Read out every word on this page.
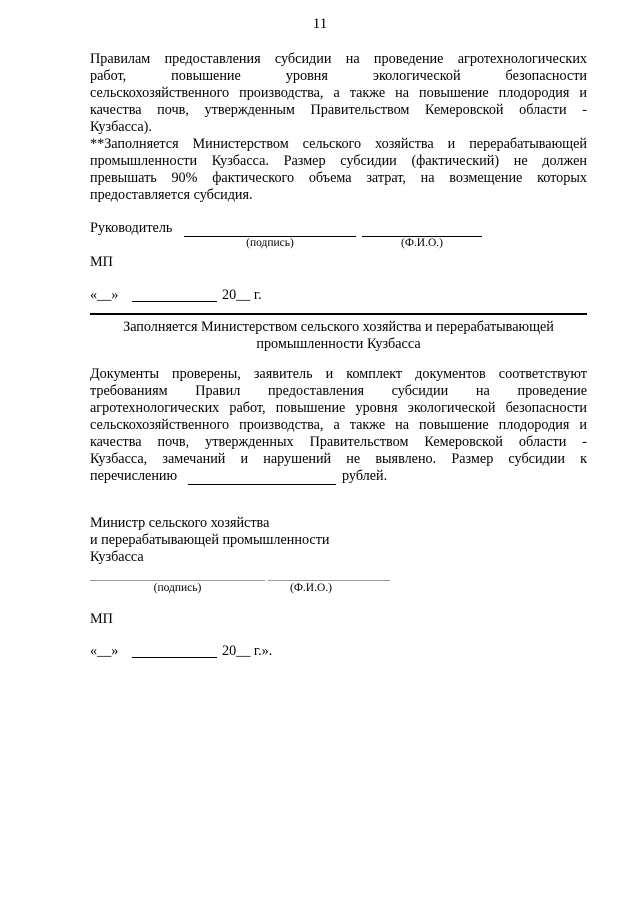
11
Правилам предоставления субсидии на проведение агротехнологических
работ, повышение уровня экологической безопасности
сельскохозяйственного производства, а также на повышение плодородия и
качества почв, утвержденным Правительством Кемеровской области -
Кузбасса).
**Заполняется Министерством сельского хозяйства и перерабатывающей
промышленности Кузбасса. Размер субсидии (фактический) не должен
превышать 90% фактического объема затрат, на возмещение которых
предоставляется субсидия.
Руководитель
(подпись)	(Ф.И.О.)
МП
«__»	20__ г.
Заполняется Министерством сельского хозяйства и перерабатывающей
промышленности Кузбасса
Документы проверены, заявитель и комплект документов соответствуют
требованиям Правил предоставления субсидии на проведение
агротехнологических работ, повышение уровня экологической безопасности
сельскохозяйственного производства, а также на повышение плодородия и
качества почв, утвержденных Правительством Кемеровской области -
Кузбасса, замечаний и нарушений не выявлено. Размер субсидии к
перечислению	рублей.
Министр сельского хозяйства
и перерабатывающей промышленности
Кузбасса
(подпись)	(Ф.И.О.)
МП
«__»	20__ г.».
